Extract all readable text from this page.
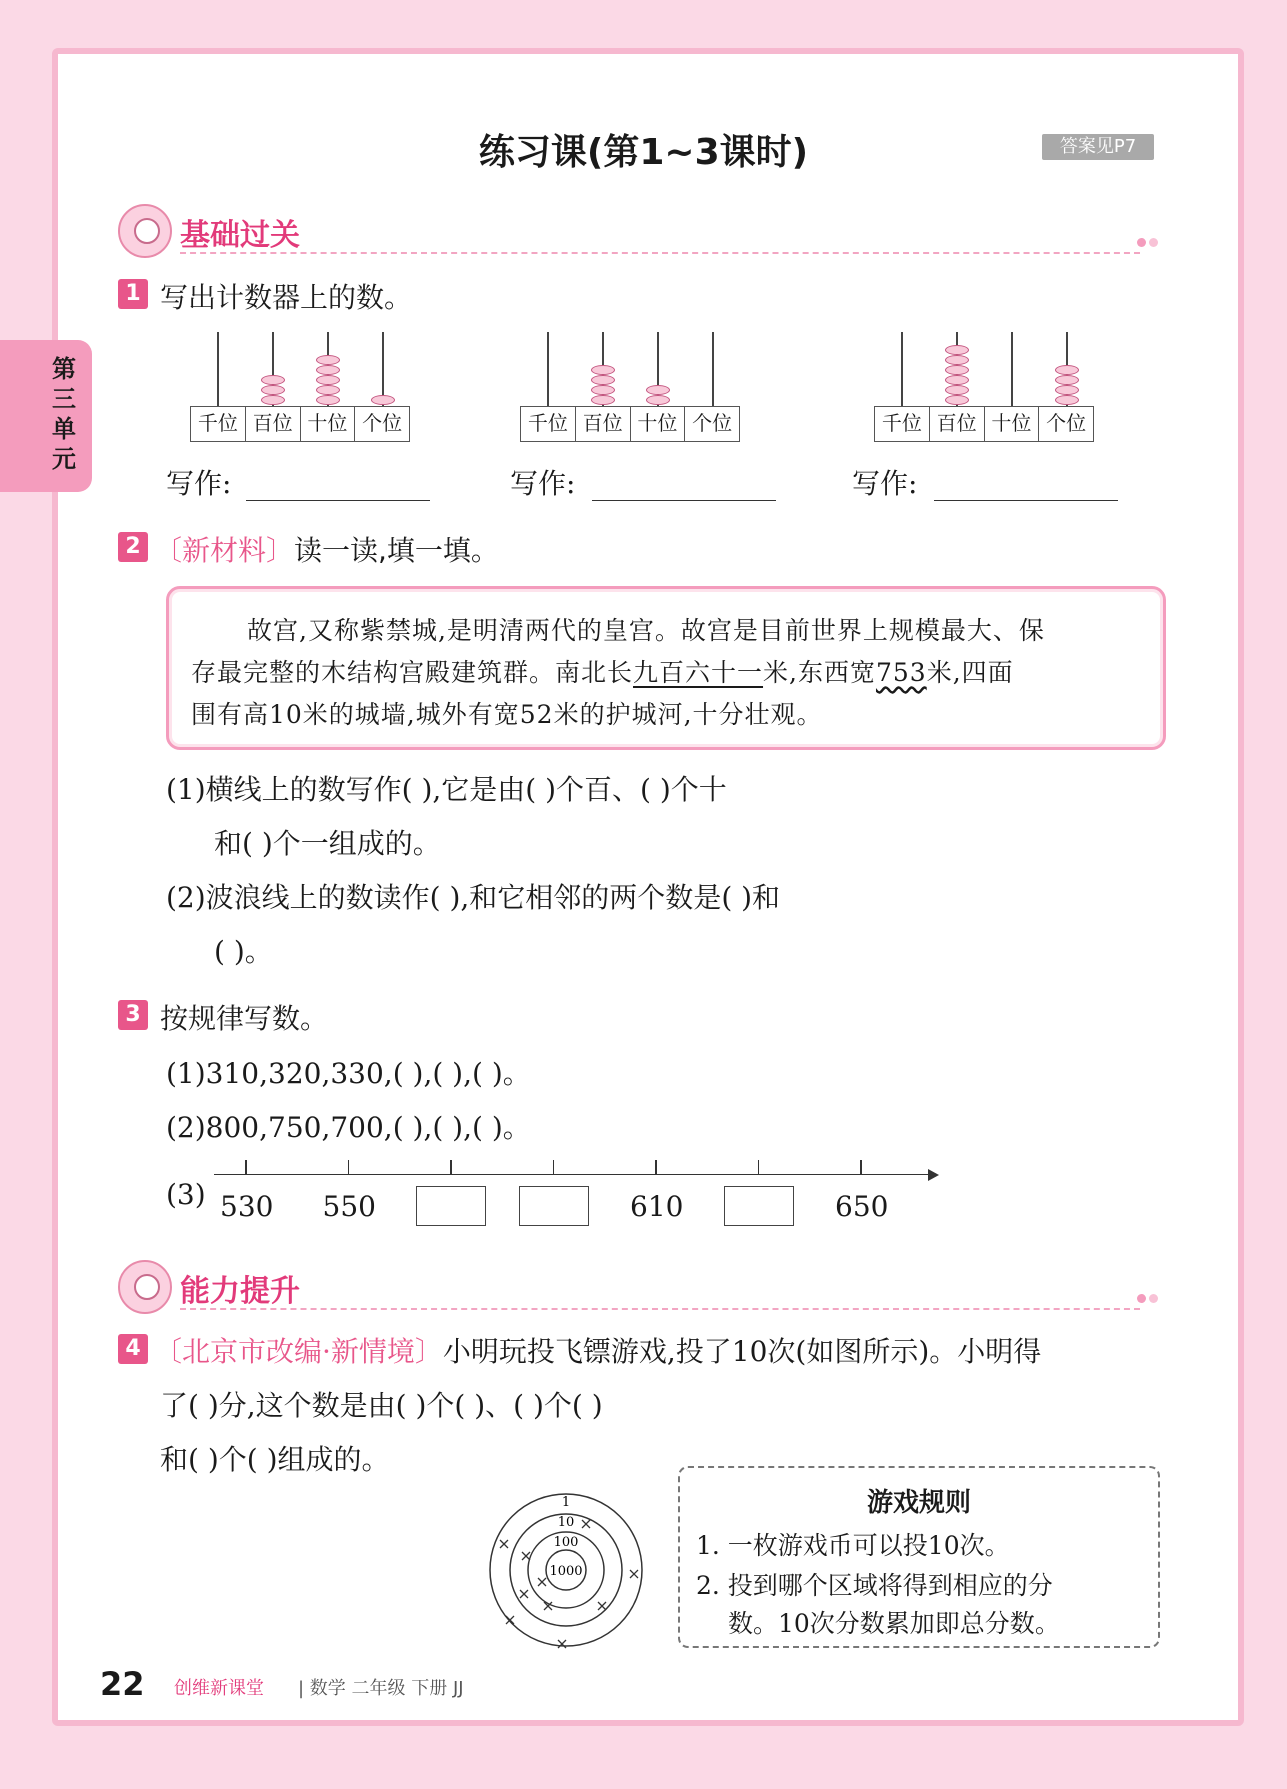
第三单元
练习课(第1~3课时)	答案见P7
基础过关
1 写出计数器上的数。
千位 百位 十位 个位
写作:
千位 百位 十位 个位
写作:
千位 百位 十位 个位
写作:
2 〔新材料〕读一读,填一填。

故宫,又称紫禁城,是明清两代的皇宫。故宫是目前世界上规模最大、保

存最完整的木结构宫殿建筑群。南北长九百六十一米,东西宽753米,四面

围有高10米的城墙,城外有宽52米的护城河,十分壮观。

(1)横线上的数写作( ),它是由( )个百、( )个十
和( )个一组成的。
(2)波浪线上的数读作( ),和它相邻的两个数是( )和
( )。
3 按规律写数。
(1)310,320,330,( ),( ),( )。
(2)800,750,700,( ),( ),( )。
(3) 530 550	610	650
能力提升
4 〔北京市改编·新情境〕小明玩投飞镖游戏,投了10次(如图所示)。小明得
了( )分,这个数是由( )个( )、( )个( )
和( )个( )组成的。
1
10
100
1000
游戏规则
1. 一枚游戏币可以投10次。
2. 投到哪个区域将得到相应的分
数。10次分数累加即总分数。
22 创维新课堂 | 数学 二年级 下册 JJ
